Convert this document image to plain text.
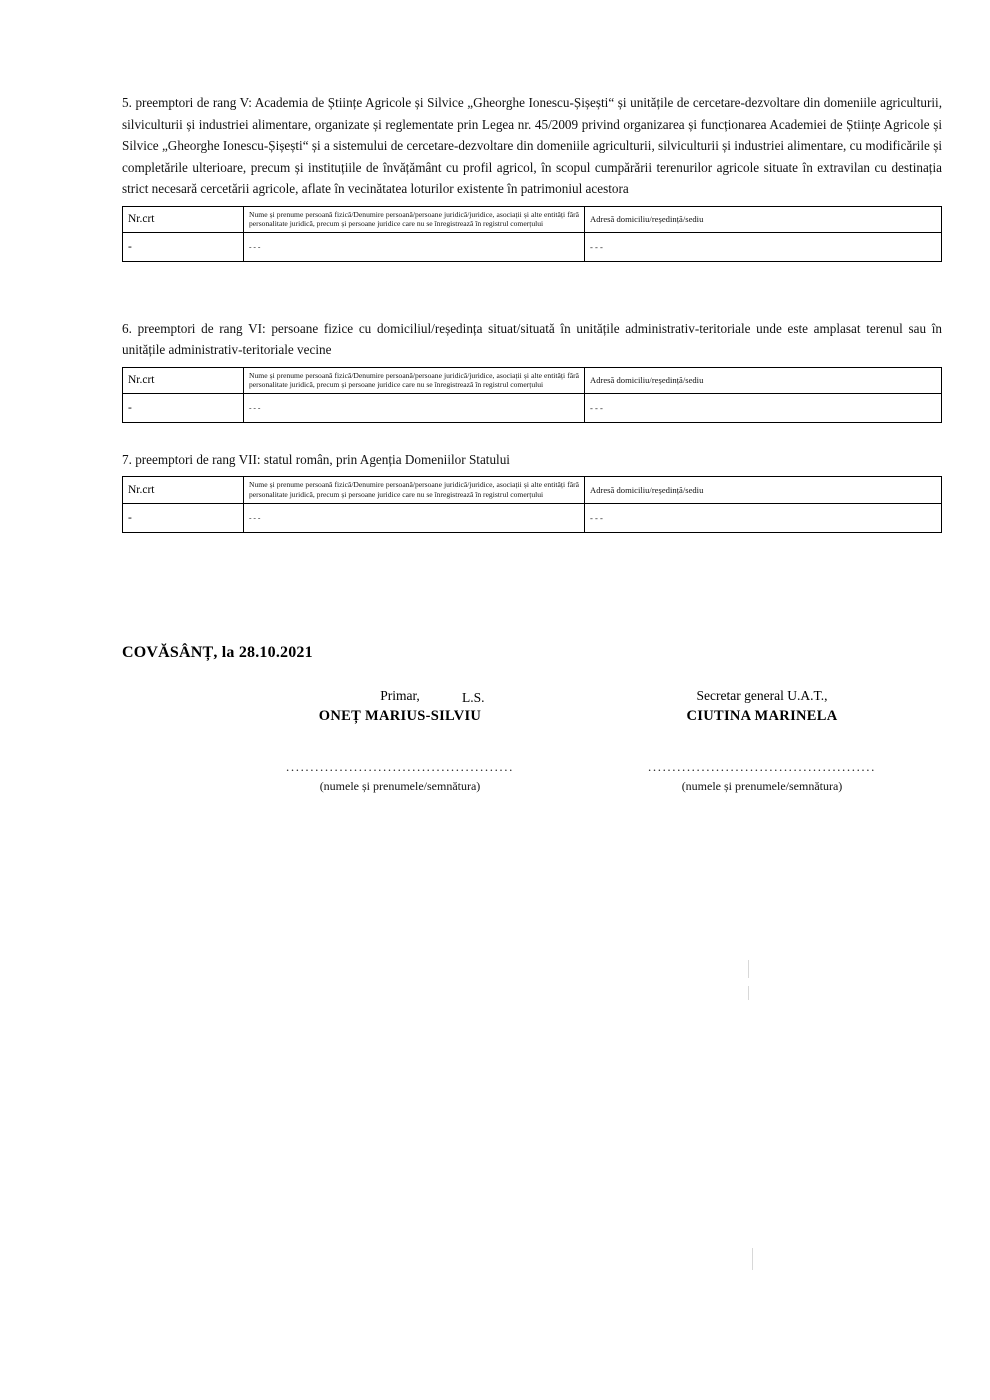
5. preemptori de rang V: Academia de Științe Agricole și Silvice „Gheorghe Ionescu-Șișești“ și unitățile de cercetare-dezvoltare din domeniile agriculturii, silviculturii și industriei alimentare, organizate și reglementate prin Legea nr. 45/2009 privind organizarea și funcționarea Academiei de Științe Agricole și Silvice „Gheorghe Ionescu-Șișești“ și a sistemului de cercetare-dezvoltare din domeniile agriculturii, silviculturii și industriei alimentare, cu modificările și completările ulterioare, precum și instituțiile de învățământ cu profil agricol, în scopul cumpărării terenurilor agricole situate în extravilan cu destinația strict necesară cercetării agricole, aflate în vecinătatea loturilor existente în patrimoniul acestora

Nr.crt	Nume și prenume persoană fizică/Denumire persoană/persoane juridică/juridice, asociații și alte entități fără personalitate juridică, precum și persoane juridice care nu se înregistrează în registrul comerțului	Adresă domiciliu/reședință/sediu
-	- - -	- - -

6. preemptori de rang VI: persoane fizice cu domiciliul/reședința situat/situată în unitățile administrativ-teritoriale unde este amplasat terenul sau în unitățile administrativ-teritoriale vecine

Nr.crt	Nume și prenume persoană fizică/Denumire persoană/persoane juridică/juridice, asociații și alte entități fără personalitate juridică, precum și persoane juridice care nu se înregistrează în registrul comerțului	Adresă domiciliu/reședință/sediu
-	- - -	- - -

7. preemptori de rang VII: statul român, prin Agenția Domeniilor Statului

Nr.crt	Nume și prenume persoană fizică/Denumire persoană/persoane juridică/juridice, asociații și alte entități fără personalitate juridică, precum și persoane juridice care nu se înregistrează în registrul comerțului	Adresă domiciliu/reședință/sediu
-	- - -	- - -
COVĂSÂNȚ, la 28.10.2021
L.S.
Primar,
ONEȚ MARIUS-SILVIU
...............................................
(numele și prenumele/semnătura)
Secretar general U.A.T.,
CIUTINA MARINELA
...............................................
(numele și prenumele/semnătura)
